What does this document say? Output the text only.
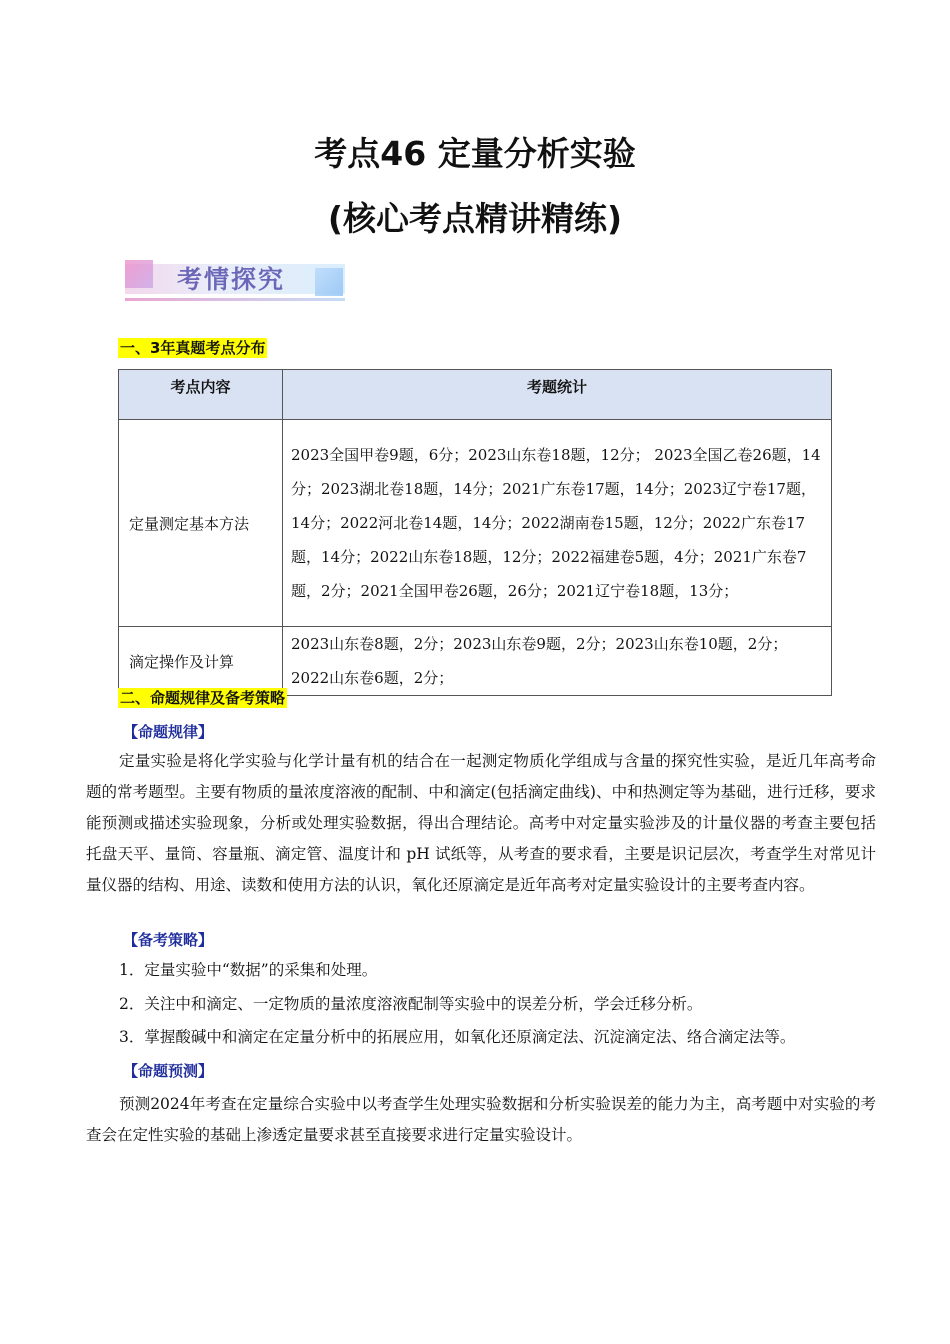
考点46 定量分析实验
(核心考点精讲精练)
考情探究
一、3年真题考点分布
考点内容	考题统计
定量测定基本方法	2023全国甲卷9题，6分；2023山东卷18题，12分； 2023全国乙卷26题，14分；2023湖北卷18题，14分；2021广东卷17题，14分；2023辽宁卷17题，14分；2022河北卷14题，14分；2022湖南卷15题，12分；2022广东卷17题，14分；2022山东卷18题，12分；2022福建卷5题，4分；2021广东卷7题，2分；2021全国甲卷26题，26分；2021辽宁卷18题，13分；
滴定操作及计算	2023山东卷8题，2分；2023山东卷9题，2分；2023山东卷10题，2分；2022山东卷6题，2分；
二、命题规律及备考策略
【命题规律】
定量实验是将化学实验与化学计量有机的结合在一起测定物质化学组成与含量的探究性实验，是近几年高考命题的常考题型。主要有物质的量浓度溶液的配制、中和滴定(包括滴定曲线)、中和热测定等为基础，进行迁移，要求能预测或描述实验现象，分析或处理实验数据，得出合理结论。高考中对定量实验涉及的计量仪器的考查主要包括托盘天平、量筒、容量瓶、滴定管、温度计和 pH 试纸等，从考查的要求看，主要是识记层次，考查学生对常见计量仪器的结构、用途、读数和使用方法的认识，氧化还原滴定是近年高考对定量实验设计的主要考查内容。
【备考策略】
1．定量实验中“数据”的采集和处理。
2．关注中和滴定、一定物质的量浓度溶液配制等实验中的误差分析，学会迁移分析。
3．掌握酸碱中和滴定在定量分析中的拓展应用，如氧化还原滴定法、沉淀滴定法、络合滴定法等。
【命题预测】
预测2024年考查在定量综合实验中以考查学生处理实验数据和分析实验误差的能力为主，高考题中对实验的考查会在定性实验的基础上渗透定量要求甚至直接要求进行定量实验设计。
